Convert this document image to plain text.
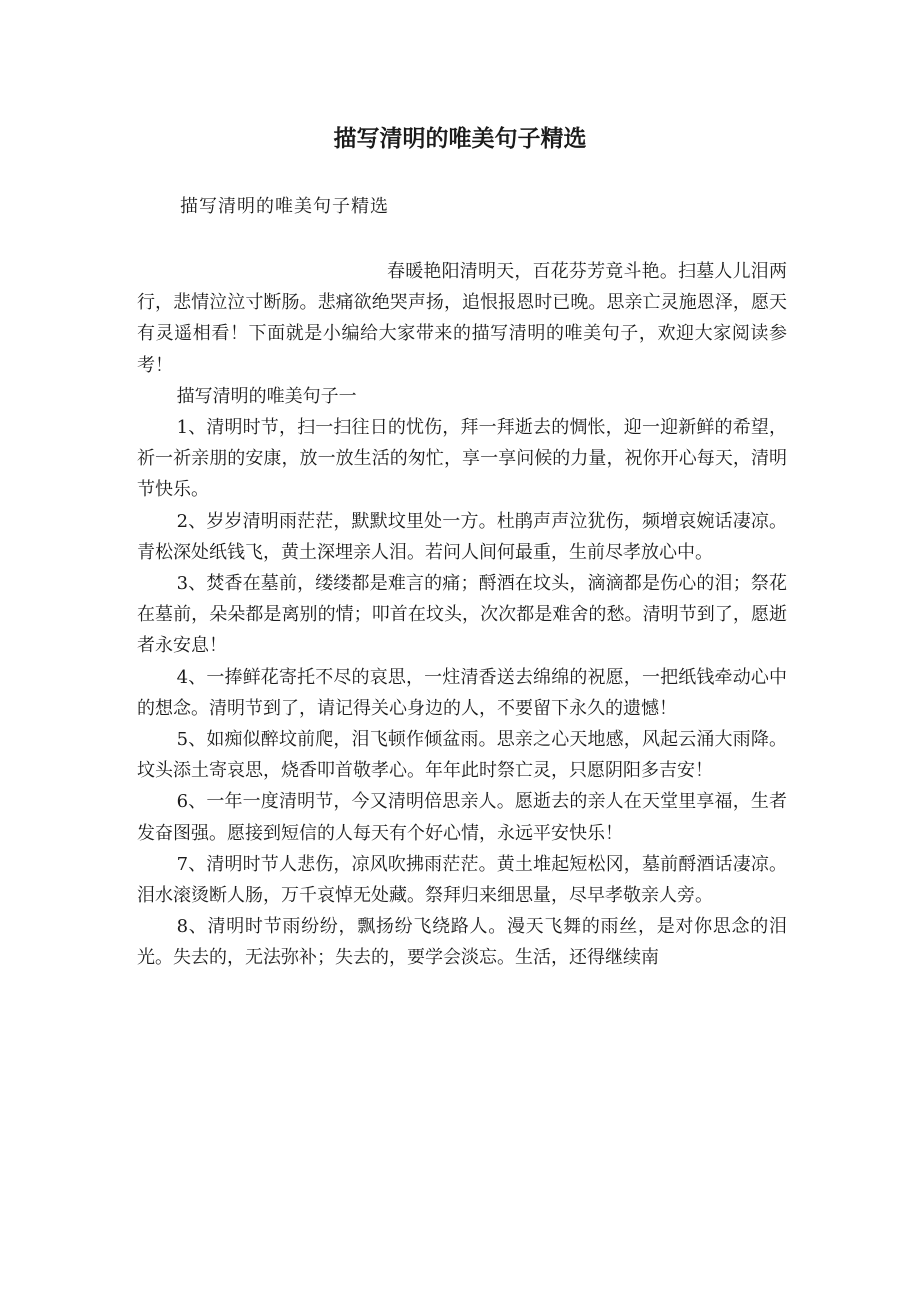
描写清明的唯美句子精选
描写清明的唯美句子精选

春暖艳阳清明天，百花芬芳竟斗艳。扫墓人儿泪两行，悲情泣泣寸断肠。悲痛欲绝哭声扬，追恨报恩时已晚。思亲亡灵施恩泽，愿天有灵遥相看！下面就是小编给大家带来的描写清明的唯美句子，欢迎大家阅读参考！

描写清明的唯美句子一

1、清明时节，扫一扫往日的忧伤，拜一拜逝去的惆怅，迎一迎新鲜的希望，祈一祈亲朋的安康，放一放生活的匆忙，享一享问候的力量，祝你开心每天，清明节快乐。

2、岁岁清明雨茫茫，默默坟里处一方。杜鹃声声泣犹伤，频增哀婉话凄凉。青松深处纸钱飞，黄土深埋亲人泪。若问人间何最重，生前尽孝放心中。

3、焚香在墓前，缕缕都是难言的痛；酹酒在坟头，滴滴都是伤心的泪；祭花在墓前，朵朵都是离别的情；叩首在坟头，次次都是难舍的愁。清明节到了，愿逝者永安息！

4、一捧鲜花寄托不尽的哀思，一炷清香送去绵绵的祝愿，一把纸钱牵动心中的想念。清明节到了，请记得关心身边的人，不要留下永久的遗憾！

5、如痴似醉坟前爬，泪飞顿作倾盆雨。思亲之心天地感，风起云涌大雨降。坟头添土寄哀思，烧香叩首敬孝心。年年此时祭亡灵，只愿阴阳多吉安！

6、一年一度清明节，今又清明倍思亲人。愿逝去的亲人在天堂里享福，生者发奋图强。愿接到短信的人每天有个好心情，永远平安快乐！

7、清明时节人悲伤，凉风吹拂雨茫茫。黄土堆起短松冈，墓前酹酒话凄凉。泪水滚烫断人肠，万千哀悼无处藏。祭拜归来细思量，尽早孝敬亲人旁。

8、清明时节雨纷纷，飘扬纷飞绕路人。漫天飞舞的雨丝，是对你思念的泪光。失去的，无法弥补；失去的，要学会淡忘。生活，还得继续南
